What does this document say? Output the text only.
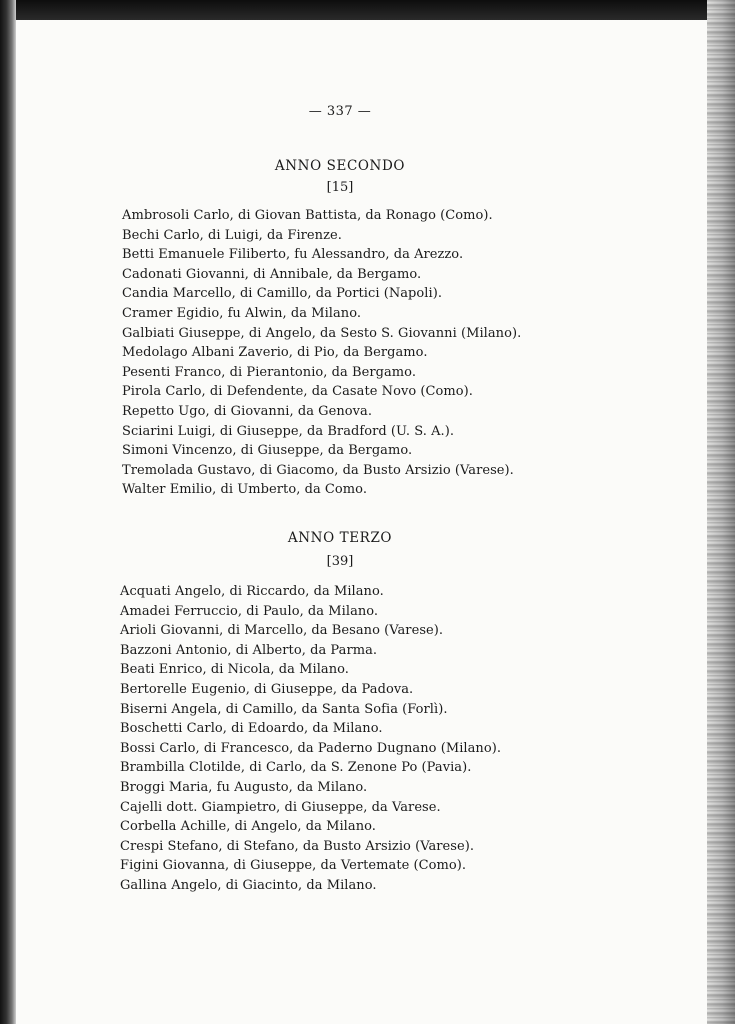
— 337 —
ANNO SECONDO
[15]
Ambrosoli Carlo, di Giovan Battista, da Ronago (Como).
Bechi Carlo, di Luigi, da Firenze.
Betti Emanuele Filiberto, fu Alessandro, da Arezzo.
Cadonati Giovanni, di Annibale, da Bergamo.
Candia Marcello, di Camillo, da Portici (Napoli).
Cramer Egidio, fu Alwin, da Milano.
Galbiati Giuseppe, di Angelo, da Sesto S. Giovanni (Milano).
Medolago Albani Zaverio, di Pio, da Bergamo.
Pesenti Franco, di Pierantonio, da Bergamo.
Pirola Carlo, di Defendente, da Casate Novo (Como).
Repetto Ugo, di Giovanni, da Genova.
Sciarini Luigi, di Giuseppe, da Bradford (U. S. A.).
Simoni Vincenzo, di Giuseppe, da Bergamo.
Tremolada Gustavo, di Giacomo, da Busto Arsizio (Varese).
Walter Emilio, di Umberto, da Como.
ANNO TERZO
[39]
Acquati Angelo, di Riccardo, da Milano.
Amadei Ferruccio, di Paulo, da Milano.
Arioli Giovanni, di Marcello, da Besano (Varese).
Bazzoni Antonio, di Alberto, da Parma.
Beati Enrico, di Nicola, da Milano.
Bertorelle Eugenio, di Giuseppe, da Padova.
Biserni Angela, di Camillo, da Santa Sofia (Forlì).
Boschetti Carlo, di Edoardo, da Milano.
Bossi Carlo, di Francesco, da Paderno Dugnano (Milano).
Brambilla Clotilde, di Carlo, da S. Zenone Po (Pavia).
Broggi Maria, fu Augusto, da Milano.
Cajelli dott. Giampietro, di Giuseppe, da Varese.
Corbella Achille, di Angelo, da Milano.
Crespi Stefano, di Stefano, da Busto Arsizio (Varese).
Figini Giovanna, di Giuseppe, da Vertemate (Como).
Gallina Angelo, di Giacinto, da Milano.
